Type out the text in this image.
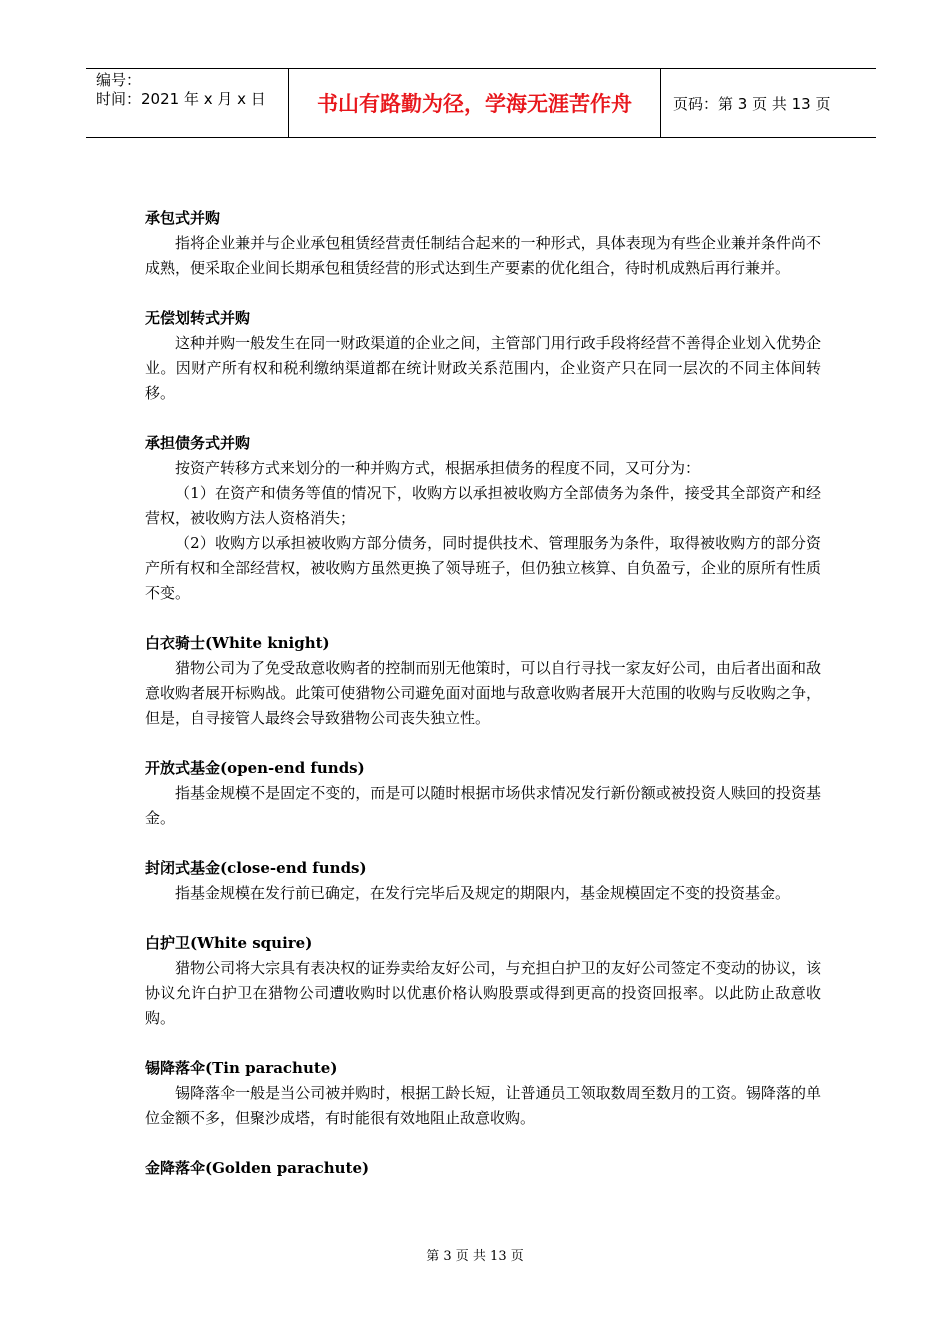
编号：
时间：2021 年 x 月 x 日	书山有路勤为径，学海无涯苦作舟	页码：第 3 页 共 13 页
承包式并购

指将企业兼并与企业承包租赁经营责任制结合起来的一种形式，具体表现为有些企业兼并条件尚不成熟，便采取企业间长期承包租赁经营的形式达到生产要素的优化组合，待时机成熟后再行兼并。

无偿划转式并购

这种并购一般发生在同一财政渠道的企业之间，主管部门用行政手段将经营不善得企业划入优势企业。因财产所有权和税利缴纳渠道都在统计财政关系范围内，企业资产只在同一层次的不同主体间转移。

承担债务式并购

按资产转移方式来划分的一种并购方式，根据承担债务的程度不同，又可分为：

（1）在资产和债务等值的情况下，收购方以承担被收购方全部债务为条件，接受其全部资产和经营权，被收购方法人资格消失；

（2）收购方以承担被收购方部分债务，同时提供技术、管理服务为条件，取得被收购方的部分资产所有权和全部经营权，被收购方虽然更换了领导班子，但仍独立核算、自负盈亏，企业的原所有性质不变。

白衣骑士(White knight)

猎物公司为了免受敌意收购者的控制而别无他策时，可以自行寻找一家友好公司，由后者出面和敌意收购者展开标购战。此策可使猎物公司避免面对面地与敌意收购者展开大范围的收购与反收购之争，但是，自寻接管人最终会导致猎物公司丧失独立性。

开放式基金(open-end funds)

指基金规模不是固定不变的，而是可以随时根据市场供求情况发行新份额或被投资人赎回的投资基金。

封闭式基金(close-end funds)

指基金规模在发行前已确定，在发行完毕后及规定的期限内，基金规模固定不变的投资基金。

白护卫(White squire)

猎物公司将大宗具有表决权的证券卖给友好公司，与充担白护卫的友好公司签定不变动的协议，该协议允许白护卫在猎物公司遭收购时以优惠价格认购股票或得到更高的投资回报率。以此防止敌意收购。

锡降落伞(Tin parachute)

锡降落伞一般是当公司被并购时，根据工龄长短，让普通员工领取数周至数月的工资。锡降落的单位金额不多，但聚沙成塔，有时能很有效地阻止敌意收购。

金降落伞(Golden parachute)
第 3 页 共 13 页
